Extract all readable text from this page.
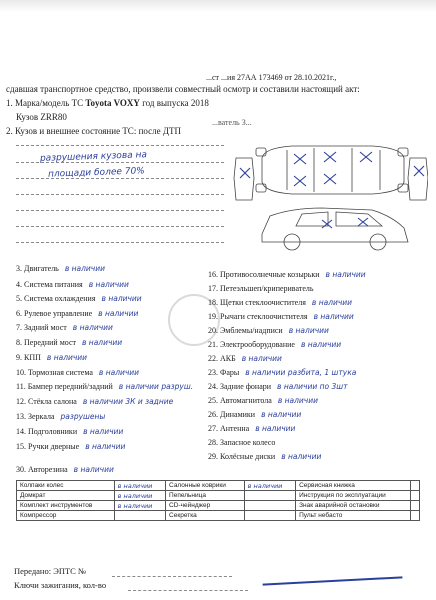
...ст ...ия 27АА 173469 от 28.10.2021г.,
сдавшая транспортное средство, произвели совместный осмотр и составили настоящий акт:
1. Марка/модель ТС Toyota VOXY год выпуска 2018
Кузов ZRR80
...ватель З...
2. Кузов и внешнее состояние ТС: после ДТП
разрушения кузова на
площади более 70%
3. Двигатель в наличии
4. Система питания в наличии
5. Система охлаждения в наличии
6. Рулевое управление в наличии
7. Задний мост в наличии
8. Передний мост в наличии
9. КПП в наличии
10. Тормозная система в наличии
11. Бампер передний/задний в наличии разруш.
12. Стёкла салона в наличии 3К и задние
13. Зеркала разрушены
14. Подголовники в наличии
15. Ручки дверные в наличии
16. Противосолнечные козырьки в наличии
17. Петеэльшеп/крипериватель
18. Щетки стеклоочистителя в наличии
19. Рычаги стеклоочистителя в наличии
20. Эмблемы/надписи в наличии
21. Электрооборудование в наличии
22. АКБ в наличии
23. Фары в наличии разбита, 1 штука
24. Задние фонари в наличии по 3шт
25. Автомагнитола в наличии
26. Динамики в наличии
27. Антенна в наличии
28. Запасное колесо
29. Колёсные диски в наличии
30. Авторезина в наличии
Колпаки колес	в наличии	Салонные коврики	в наличии	Сервисная книжка	
Домкрат	в наличии	Пепельница		Инструкция по эксплуатации	
Комплект инструментов	в наличии	CD-чейнджер		Знак аварийной остановки	
Компрессор		Секретка		Пульт небасто	
Передано: ЭПТС №
Ключи зажигания, кол-во
